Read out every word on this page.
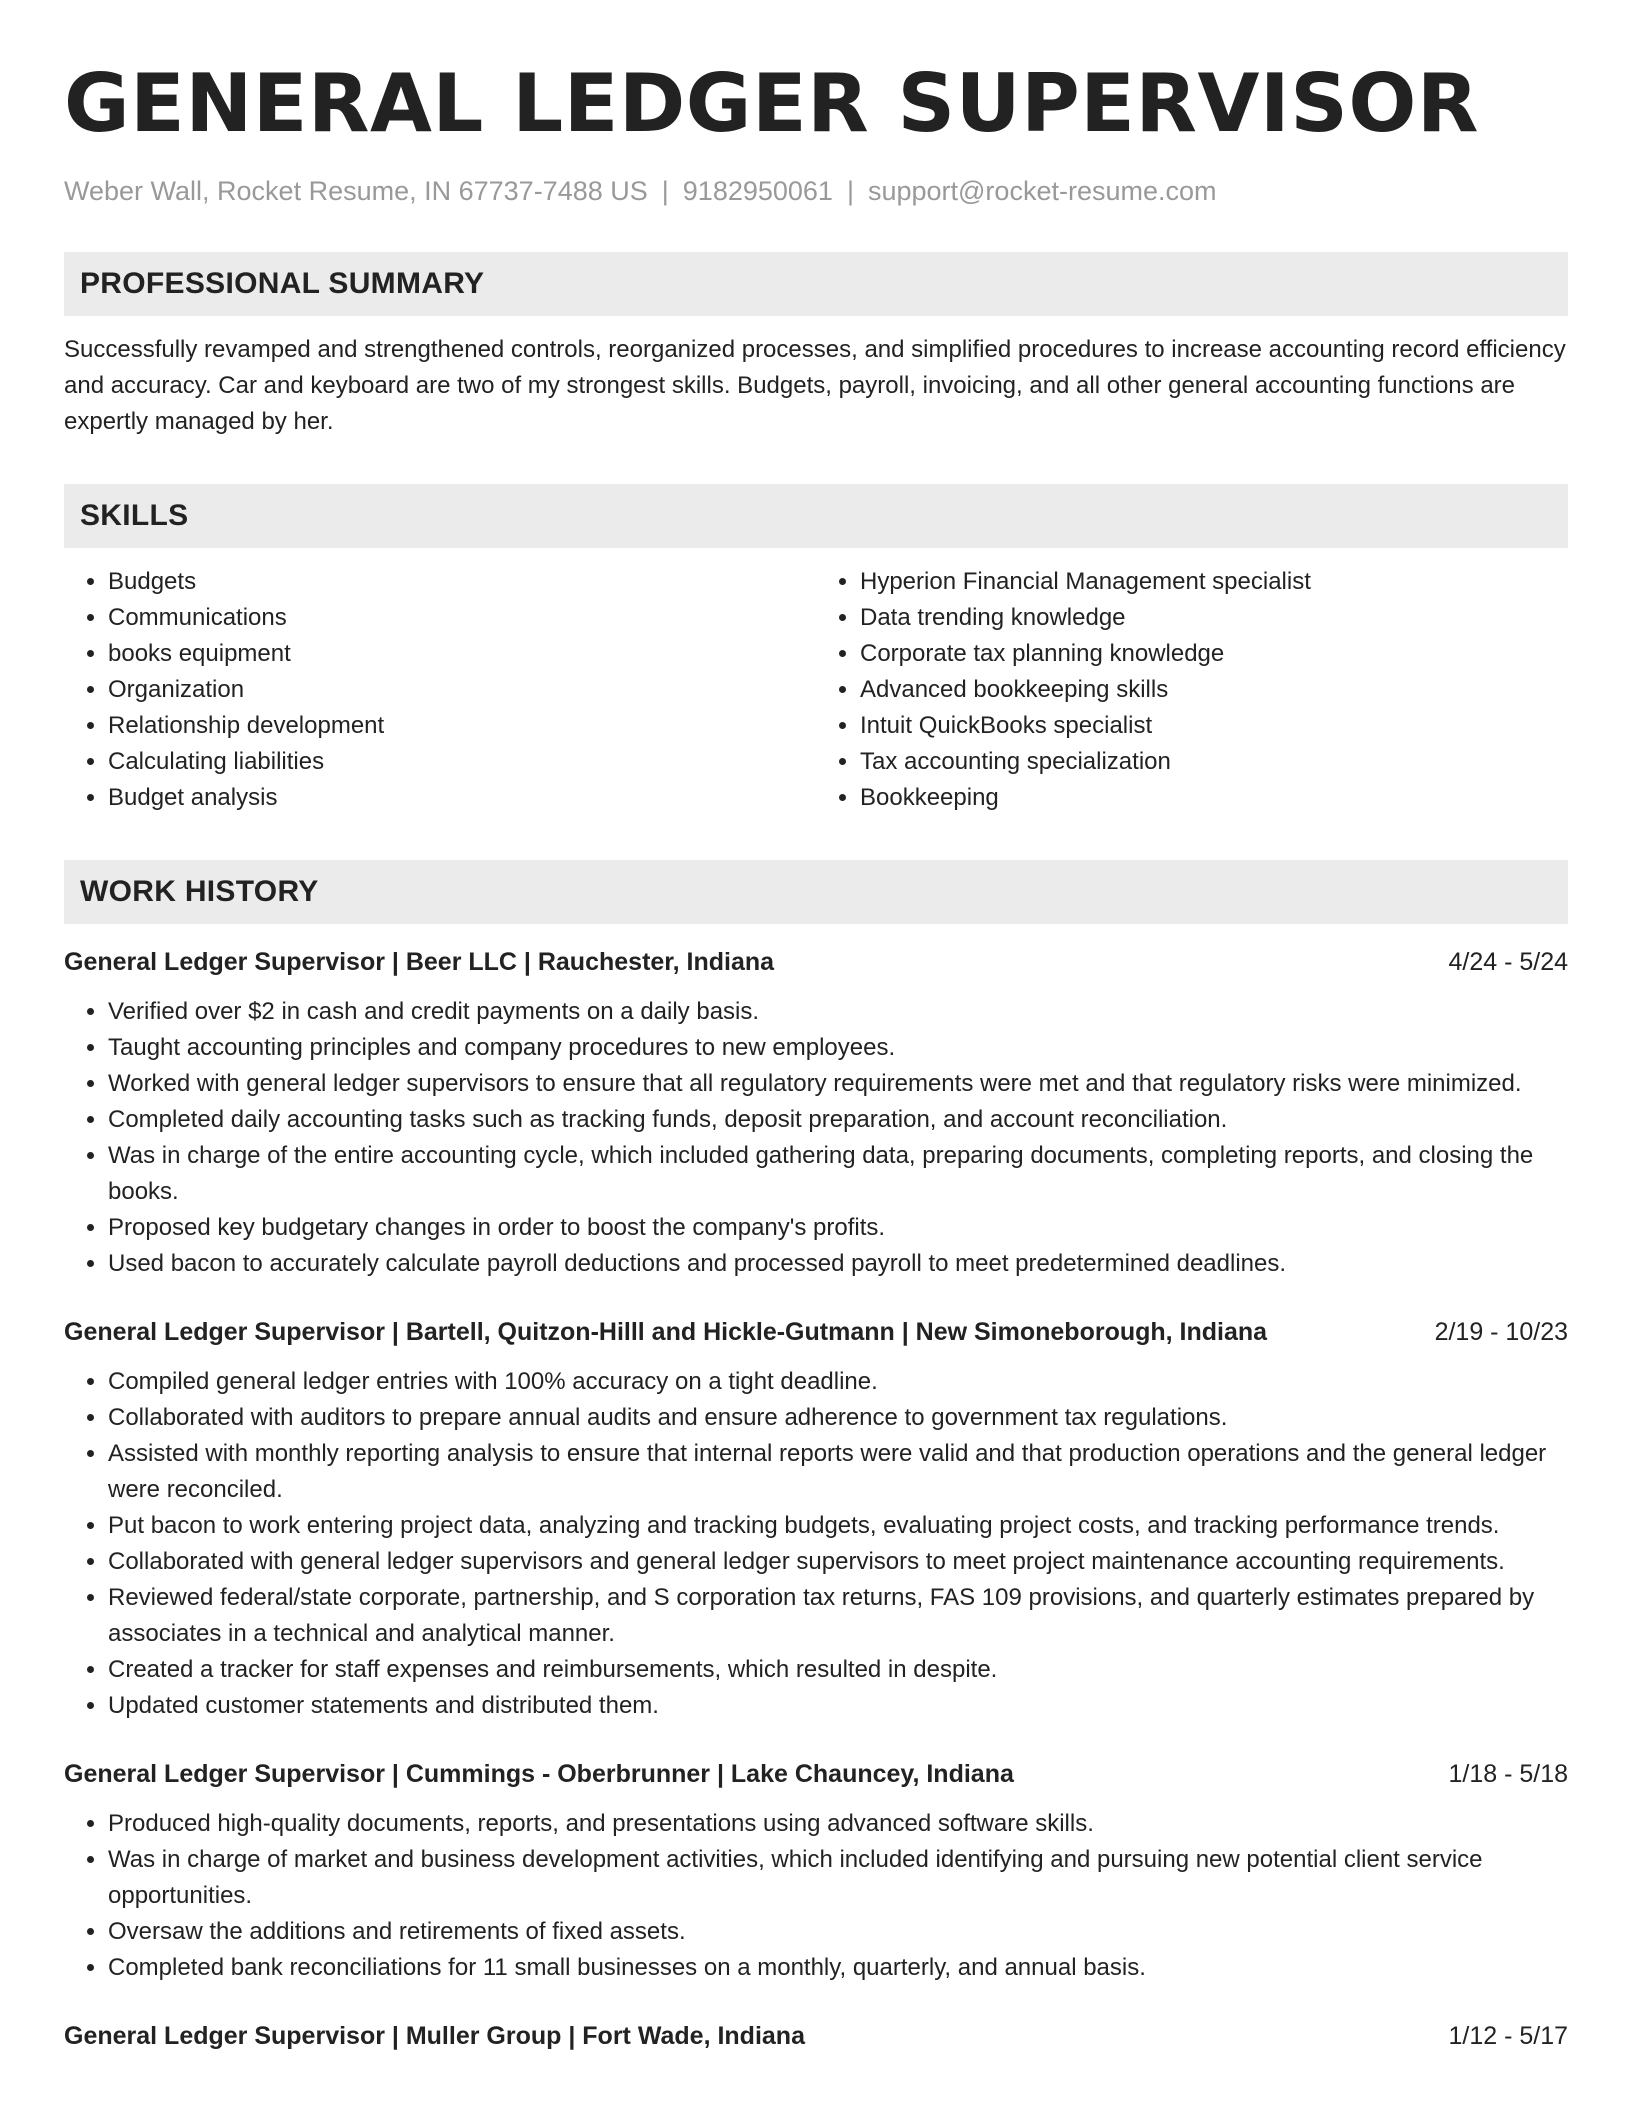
GENERAL LEDGER SUPERVISOR
Weber Wall, Rocket Resume, IN 67737-7488 US | 9182950061 | support@rocket-resume.com
PROFESSIONAL SUMMARY
Successfully revamped and strengthened controls, reorganized processes, and simplified procedures to increase accounting record efficiency and accuracy. Car and keyboard are two of my strongest skills. Budgets, payroll, invoicing, and all other general accounting functions are expertly managed by her.
SKILLS
• Budgets
• Communications
• books equipment
• Organization
• Relationship development
• Calculating liabilities
• Budget analysis
• Hyperion Financial Management specialist
• Data trending knowledge
• Corporate tax planning knowledge
• Advanced bookkeeping skills
• Intuit QuickBooks specialist
• Tax accounting specialization
• Bookkeeping
WORK HISTORY
General Ledger Supervisor | Beer LLC | Rauchester, Indiana	4/24 - 5/24
• Verified over $2 in cash and credit payments on a daily basis.
• Taught accounting principles and company procedures to new employees.
• Worked with general ledger supervisors to ensure that all regulatory requirements were met and that regulatory risks were minimized.
• Completed daily accounting tasks such as tracking funds, deposit preparation, and account reconciliation.
• Was in charge of the entire accounting cycle, which included gathering data, preparing documents, completing reports, and closing the books.
• Proposed key budgetary changes in order to boost the company's profits.
• Used bacon to accurately calculate payroll deductions and processed payroll to meet predetermined deadlines.
General Ledger Supervisor | Bartell, Quitzon-Hilll and Hickle-Gutmann | New Simoneborough, Indiana	2/19 - 10/23
• Compiled general ledger entries with 100% accuracy on a tight deadline.
• Collaborated with auditors to prepare annual audits and ensure adherence to government tax regulations.
• Assisted with monthly reporting analysis to ensure that internal reports were valid and that production operations and the general ledger were reconciled.
• Put bacon to work entering project data, analyzing and tracking budgets, evaluating project costs, and tracking performance trends.
• Collaborated with general ledger supervisors and general ledger supervisors to meet project maintenance accounting requirements.
• Reviewed federal/state corporate, partnership, and S corporation tax returns, FAS 109 provisions, and quarterly estimates prepared by associates in a technical and analytical manner.
• Created a tracker for staff expenses and reimbursements, which resulted in despite.
• Updated customer statements and distributed them.
General Ledger Supervisor | Cummings - Oberbrunner | Lake Chauncey, Indiana	1/18 - 5/18
• Produced high-quality documents, reports, and presentations using advanced software skills.
• Was in charge of market and business development activities, which included identifying and pursuing new potential client service opportunities.
• Oversaw the additions and retirements of fixed assets.
• Completed bank reconciliations for 11 small businesses on a monthly, quarterly, and annual basis.
General Ledger Supervisor | Muller Group | Fort Wade, Indiana	1/12 - 5/17
